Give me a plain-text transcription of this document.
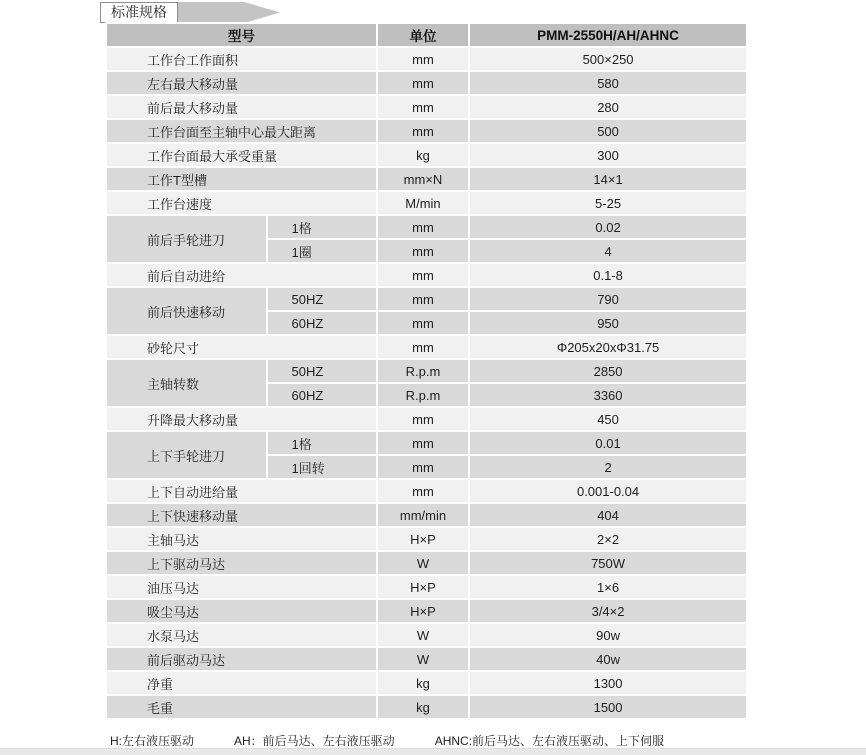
标准规格
型号		单位	PMM-2550H/AH/AHNC
工作台工作面积		mm	500×250
左右最大移动量		mm	580
前后最大移动量		mm	280
工作台面至主轴中心最大距离		mm	500
工作台面最大承受重量		kg	300
工作T型槽		mm×N	14×1
工作台速度		M/min	5-25
前后手轮进刀	1格	mm	0.02
	1圈	mm	4
前后自动进给		mm	0.1-8
前后快速移动	50HZ	mm	790
	60HZ	mm	950
砂轮尺寸		mm	Φ205x20xΦ31.75
主轴转数	50HZ	R.p.m	2850
	60HZ	R.p.m	3360
升降最大移动量		mm	450
上下手轮进刀	1格	mm	0.01
	1回转	mm	2
上下自动进给量		mm	0.001-0.04
上下快速移动量		mm/min	404
主轴马达		H×P	2×2
上下驱动马达		W	750W
油压马达		H×P	1×6
吸尘马达		H×P	3/4×2
水泵马达		W	90w
前后驱动马达		W	40w
净重		kg	1300
毛重		kg	1500
H:左右液压驱动	AH：前后马达、左右液压驱动	AHNC:前后马达、左右液压驱动、上下伺服
